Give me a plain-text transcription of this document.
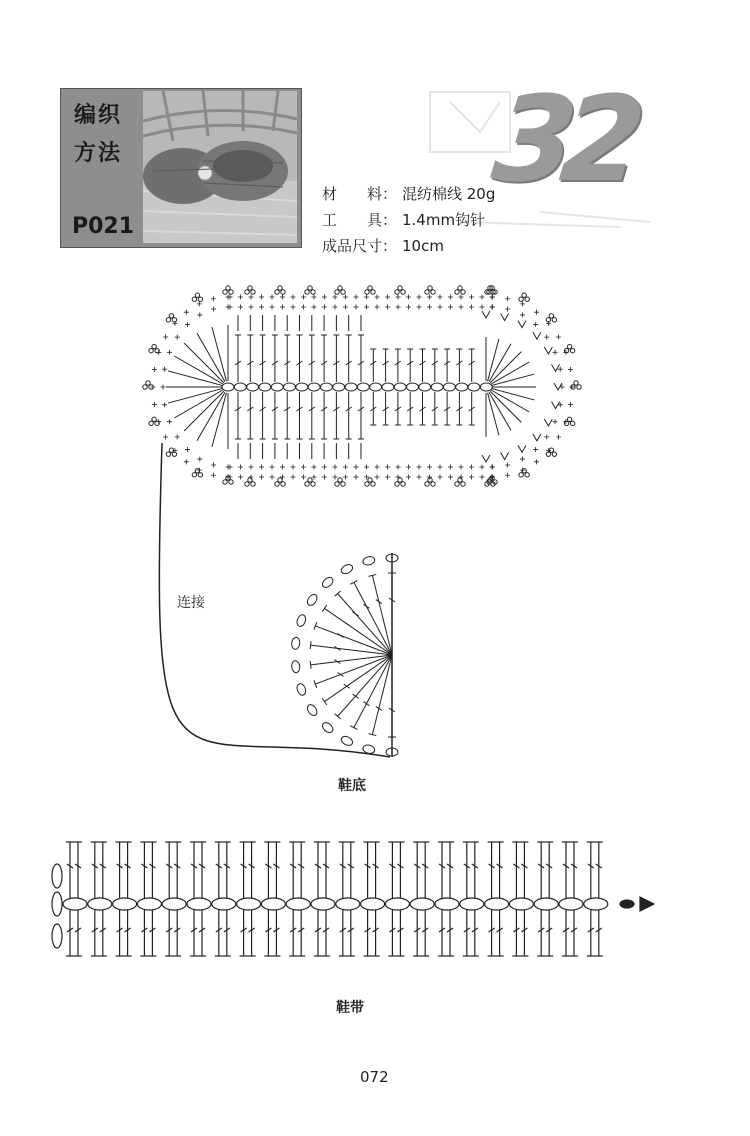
编织方法
P021
32
材　　料： 混纺棉线 20g
工　　具： 1.4mm钩针
成品尺寸： 10cm
连接
鞋底
鞋带
072
